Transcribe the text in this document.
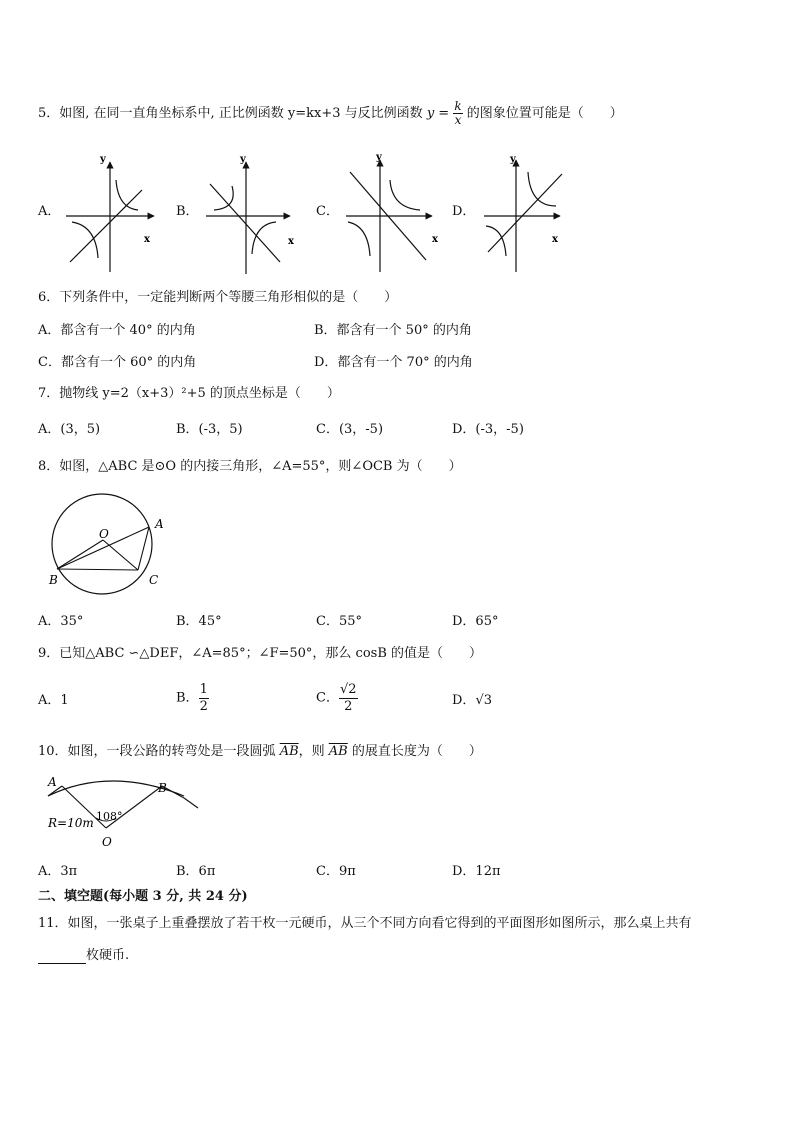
5．如图, 在同一直角坐标系中, 正比例函数 y=kx+3 与反比例函数 $y = \frac{k}{x}$ 的图象位置可能是（　　）
A．
y
x
B．
y
x
C．
y
x
D．
y
x
6．下列条件中，一定能判断两个等腰三角形相似的是（　　）
A．都含有一个 40° 的内角	B．都含有一个 50° 的内角
C．都含有一个 60° 的内角	D．都含有一个 70° 的内角
7．抛物线 y=2（x+3）²+5 的顶点坐标是（　　）
A．(3，5)	B．(-3，5)	C．(3，-5)	D．(-3，-5)
8．如图，△ABC 是⊙O 的内接三角形，∠A=55°，则∠OCB 为（　　）
O
A
B	C
A．35°	B．45°	C．55°	D．65°
9．已知△ABC ∽△DEF，∠A=85°；∠F=50°，那么 cosB 的值是（　　）
A．1	B． $\frac{1}{2}$	C． $\frac{√2}{2}$	D．√3
10．如图，一段公路的转弯处是一段圆弧 $\overline{AB}$，则 $\overline{AB}$ 的展直长度为（　　）
A	B
R=10m 108°
O
A．3π	B．6π	C．9π	D．12π
二、填空题(每小题 3 分, 共 24 分)
11．如图，一张桌子上重叠摆放了若干枚一元硬币，从三个不同方向看它得到的平面图形如图所示，那么桌上共有
枚硬币.
